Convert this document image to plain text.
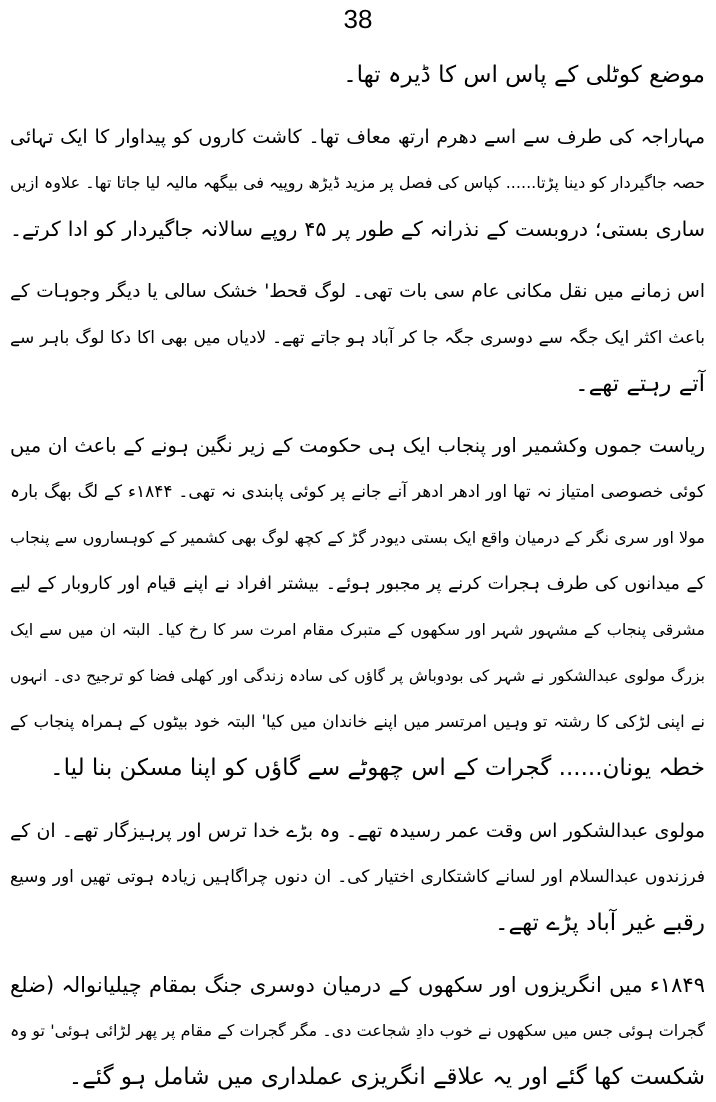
38
موضع کوٹلی کے پاس اس کا ڈیرہ تھا۔
مہاراجہ کی طرف سے اسے دھرم ارتھ معاف تھا۔ کاشت کاروں کو پیداوار کا ایک تہائی
حصہ جاگیردار کو دینا پڑتا...... کپاس کی فصل پر مزید ڈیڑھ روپیہ فی بیگھہ مالیہ لیا جاتا تھا۔ علاوہ ازیں
ساری بستی؛ دروبست کے نذرانہ کے طور پر ۴۵ روپے سالانہ جاگیردار کو ادا کرتے۔
اس زمانے میں نقل مکانی عام سی بات تھی۔ لوگ قحط' خشک سالی یا دیگر وجوہات کے
باعث اکثر ایک جگہ سے دوسری جگہ جا کر آباد ہو جاتے تھے۔ لادیاں میں بھی اکا دکا لوگ باہر سے
آتے رہتے تھے۔
ریاست جموں وکشمیر اور پنجاب ایک ہی حکومت کے زیر نگین ہونے کے باعث ان میں
کوئی خصوصی امتیاز نہ تھا اور ادھر ادھر آنے جانے پر کوئی پابندی نہ تھی۔ ۱۸۴۴ء کے لگ بھگ بارہ
مولا اور سری نگر کے درمیان واقع ایک بستی دیودر گڑ کے کچھ لوگ بھی کشمیر کے کوہساروں سے پنجاب
کے میدانوں کی طرف ہجرات کرنے پر مجبور ہوئے۔ بیشتر افراد نے اپنے قیام اور کاروبار کے لیے
مشرقی پنجاب کے مشہور شہر اور سکھوں کے متبرک مقام امرت سر کا رخ کیا۔ البتہ ان میں سے ایک
بزرگ مولوی عبدالشکور نے شہر کی بودوباش پر گاؤں کی سادہ زندگی اور کھلی فضا کو ترجیح دی۔ انہوں
نے اپنی لڑکی کا رشتہ تو وہیں امرتسر میں اپنے خاندان میں کیا' البتہ خود بیٹوں کے ہمراہ پنجاب کے
خطہ یونان...... گجرات کے اس چھوٹے سے گاؤں کو اپنا مسکن بنا لیا۔
مولوی عبدالشکور اس وقت عمر رسیدہ تھے۔ وہ بڑے خدا ترس اور پرہیزگار تھے۔ ان کے
فرزندوں عبدالسلام اور لسانے کاشتکاری اختیار کی۔ ان دنوں چراگاہیں زیادہ ہوتی تھیں اور وسیع
رقبے غیر آباد پڑے تھے۔
۱۸۴۹ء میں انگریزوں اور سکھوں کے درمیان دوسری جنگ بمقام چیلیانوالہ (ضلع
گجرات ہوئی جس میں سکھوں نے خوب دادِ شجاعت دی۔ مگر گجرات کے مقام پر پھر لڑائی ہوئی' تو وہ
شکست کھا گئے اور یہ علاقے انگریزی عملداری میں شامل ہو گئے۔
